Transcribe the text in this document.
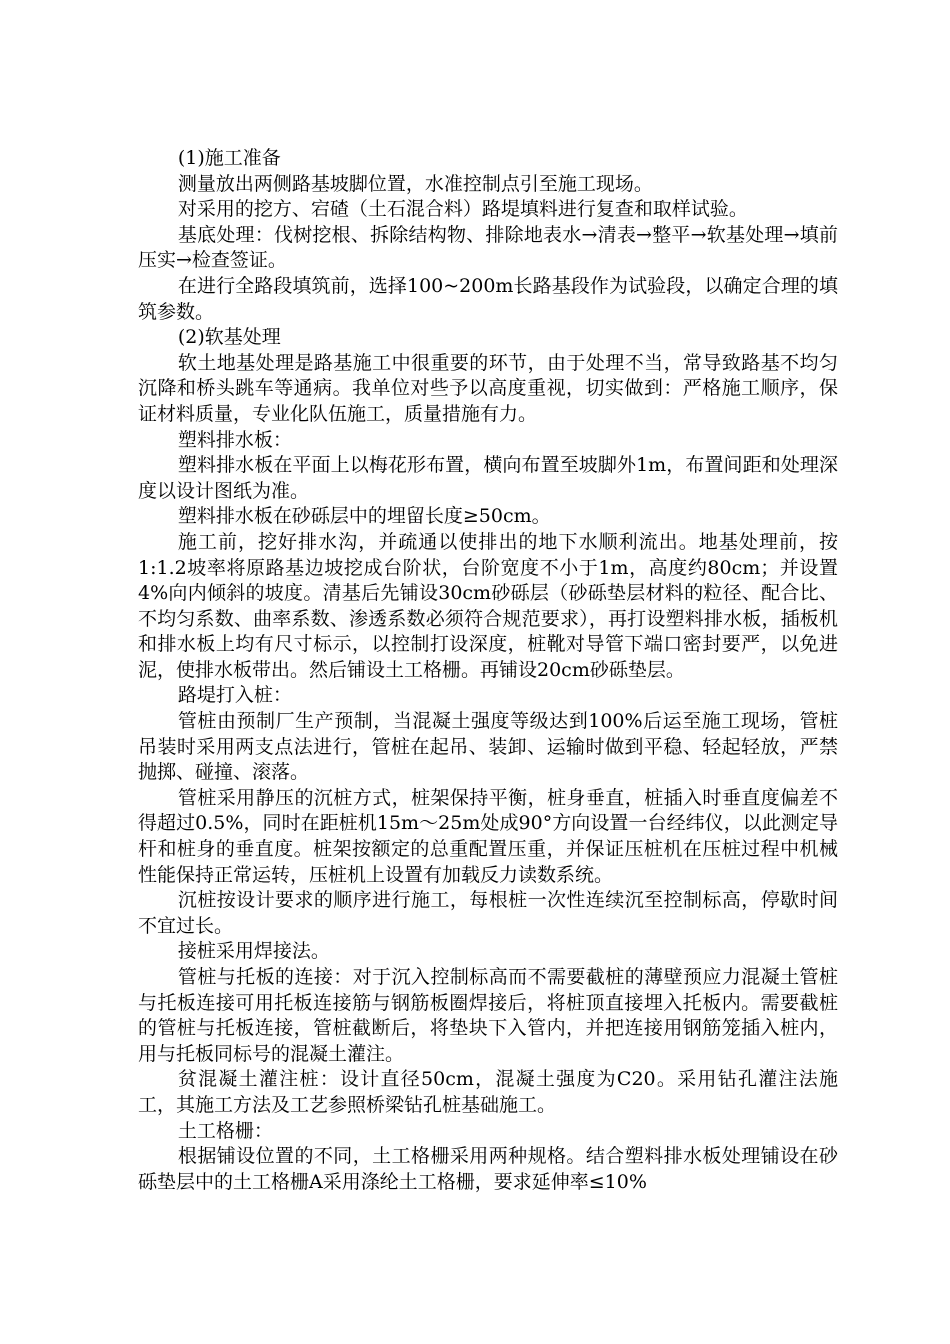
(1)施工准备

测量放出两侧路基坡脚位置，水准控制点引至施工现场。

对采用的挖方、宕碴（土石混合料）路堤填料进行复查和取样试验。

基底处理：伐树挖根、拆除结构物、排除地表水→清表→整平→软基处理→填前压实→检查签证。

在进行全路段填筑前，选择100~200m长路基段作为试验段，以确定合理的填筑参数。

(2)软基处理

软土地基处理是路基施工中很重要的环节，由于处理不当，常导致路基不均匀沉降和桥头跳车等通病。我单位对些予以高度重视，切实做到：严格施工顺序，保证材料质量，专业化队伍施工，质量措施有力。

塑料排水板：

塑料排水板在平面上以梅花形布置，横向布置至坡脚外1m，布置间距和处理深度以设计图纸为准。

塑料排水板在砂砾层中的埋留长度≥50cm。

施工前，挖好排水沟，并疏通以使排出的地下水顺利流出。地基处理前，按1:1.2坡率将原路基边坡挖成台阶状，台阶宽度不小于1m，高度约80cm；并设置4%向内倾斜的坡度。清基后先铺设30cm砂砾层（砂砾垫层材料的粒径、配合比、不均匀系数、曲率系数、渗透系数必须符合规范要求），再打设塑料排水板，插板机和排水板上均有尺寸标示，以控制打设深度，桩靴对导管下端口密封要严，以免进泥，使排水板带出。然后铺设土工格栅。再铺设20cm砂砾垫层。

路堤打入桩：

管桩由预制厂生产预制，当混凝土强度等级达到100%后运至施工现场，管桩吊装时采用两支点法进行，管桩在起吊、装卸、运输时做到平稳、轻起轻放，严禁抛掷、碰撞、滚落。

管桩采用静压的沉桩方式，桩架保持平衡，桩身垂直，桩插入时垂直度偏差不得超过0.5%，同时在距桩机15m～25m处成90°方向设置一台经纬仪，以此测定导杆和桩身的垂直度。桩架按额定的总重配置压重，并保证压桩机在压桩过程中机械性能保持正常运转，压桩机上设置有加载反力读数系统。

沉桩按设计要求的顺序进行施工，每根桩一次性连续沉至控制标高，停歇时间不宜过长。

接桩采用焊接法。

管桩与托板的连接：对于沉入控制标高而不需要截桩的薄壁预应力混凝土管桩与托板连接可用托板连接筋与钢筋板圈焊接后，将桩顶直接埋入托板内。需要截桩的管桩与托板连接，管桩截断后，将垫块下入管内，并把连接用钢筋笼插入桩内，用与托板同标号的混凝土灌注。

贫混凝土灌注桩：设计直径50cm，混凝土强度为C20。采用钻孔灌注法施工，其施工方法及工艺参照桥梁钻孔桩基础施工。

土工格栅：

根据铺设位置的不同，土工格栅采用两种规格。结合塑料排水板处理铺设在砂砾垫层中的土工格栅A采用涤纶土工格栅，要求延伸率≤10%
